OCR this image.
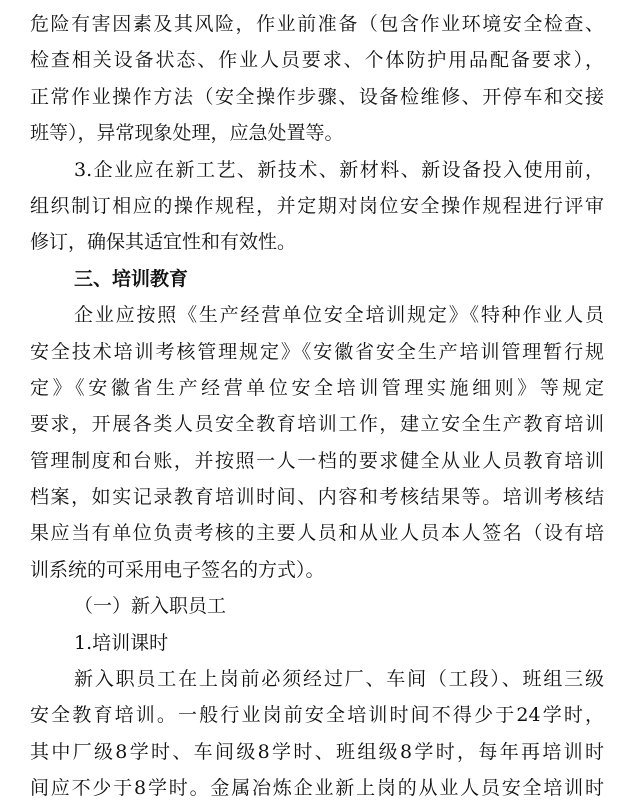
危险有害因素及其风险，作业前准备（包含作业环境安全检查、

检查相关设备状态、作业人员要求、个体防护用品配备要求），

正常作业操作方法（安全操作步骤、设备检维修、开停车和交接

班等），异常现象处理，应急处置等。

3.企业应在新工艺、新技术、新材料、新设备投入使用前，

组织制订相应的操作规程，并定期对岗位安全操作规程进行评审

修订，确保其适宜性和有效性。

三、培训教育

企业应按照《生产经营单位安全培训规定》《特种作业人员

安全技术培训考核管理规定》《安徽省安全生产培训管理暂行规

定》《安徽省生产经营单位安全培训管理实施细则》等规定

要求，开展各类人员安全教育培训工作，建立安全生产教育培训

管理制度和台账，并按照一人一档的要求健全从业人员教育培训

档案，如实记录教育培训时间、内容和考核结果等。培训考核结

果应当有单位负责考核的主要人员和从业人员本人签名（设有培

训系统的可采用电子签名的方式）。

（一）新入职员工

1.培训课时

新入职员工在上岗前必须经过厂、车间（工段）、班组三级

安全教育培训。一般行业岗前安全培训时间不得少于24学时，

其中厂级8学时、车间级8学时、班组级8学时，每年再培训时

间应不少于8学时。金属冶炼企业新上岗的从业人员安全培训时
